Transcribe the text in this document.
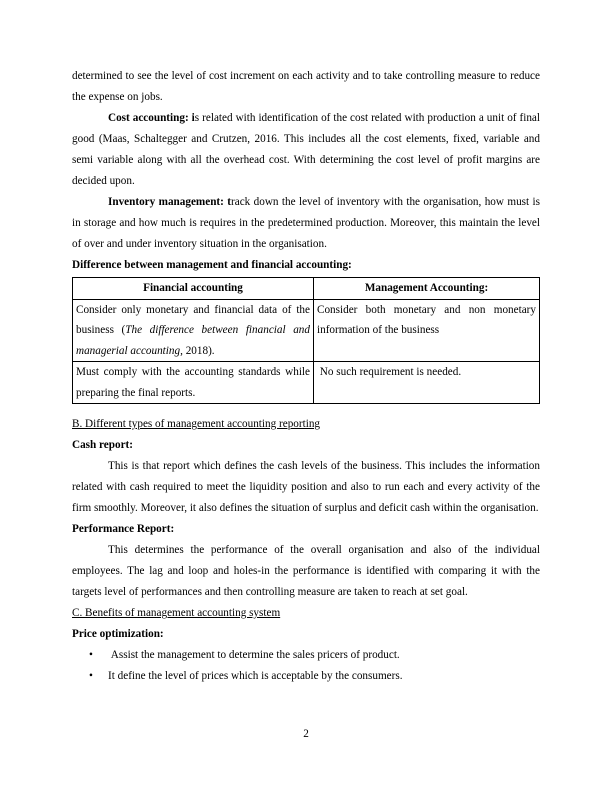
determined to see the level of cost increment on each activity and to take controlling measure to reduce the expense on jobs.

Cost accounting: is related with identification of the cost related with production a unit of final good (Maas, Schaltegger and Crutzen, 2016. This includes all the cost elements, fixed, variable and semi variable along with all the overhead cost. With determining the cost level of profit margins are decided upon.

Inventory management: track down the level of inventory with the organisation, how must is in storage and how much is requires in the predetermined production. Moreover, this maintain the level of over and under inventory situation in the organisation.

Difference between management and financial accounting:
Financial accounting	Management Accounting:
Consider only monetary and financial data of the business (The difference between financial and managerial accounting, 2018).	Consider both monetary and non monetary information of the business
Must comply with the accounting standards while preparing the final reports.	No such requirement is needed.

B. Different types of management accounting reporting

Cash report:

This is that report which defines the cash levels of the business. This includes the information related with cash required to meet the liquidity position and also to run each and every activity of the firm smoothly. Moreover, it also defines the situation of surplus and deficit cash within the organisation.

Performance Report:

This determines the performance of the overall organisation and also of the individual employees. The lag and loop and holes-in the performance is identified with comparing it with the targets level of performances and then controlling measure are taken to reach at set goal.

C. Benefits of management accounting system

Price optimization:
• Assist the management to determine the sales pricers of product.
• It define the level of prices which is acceptable by the consumers.
2
